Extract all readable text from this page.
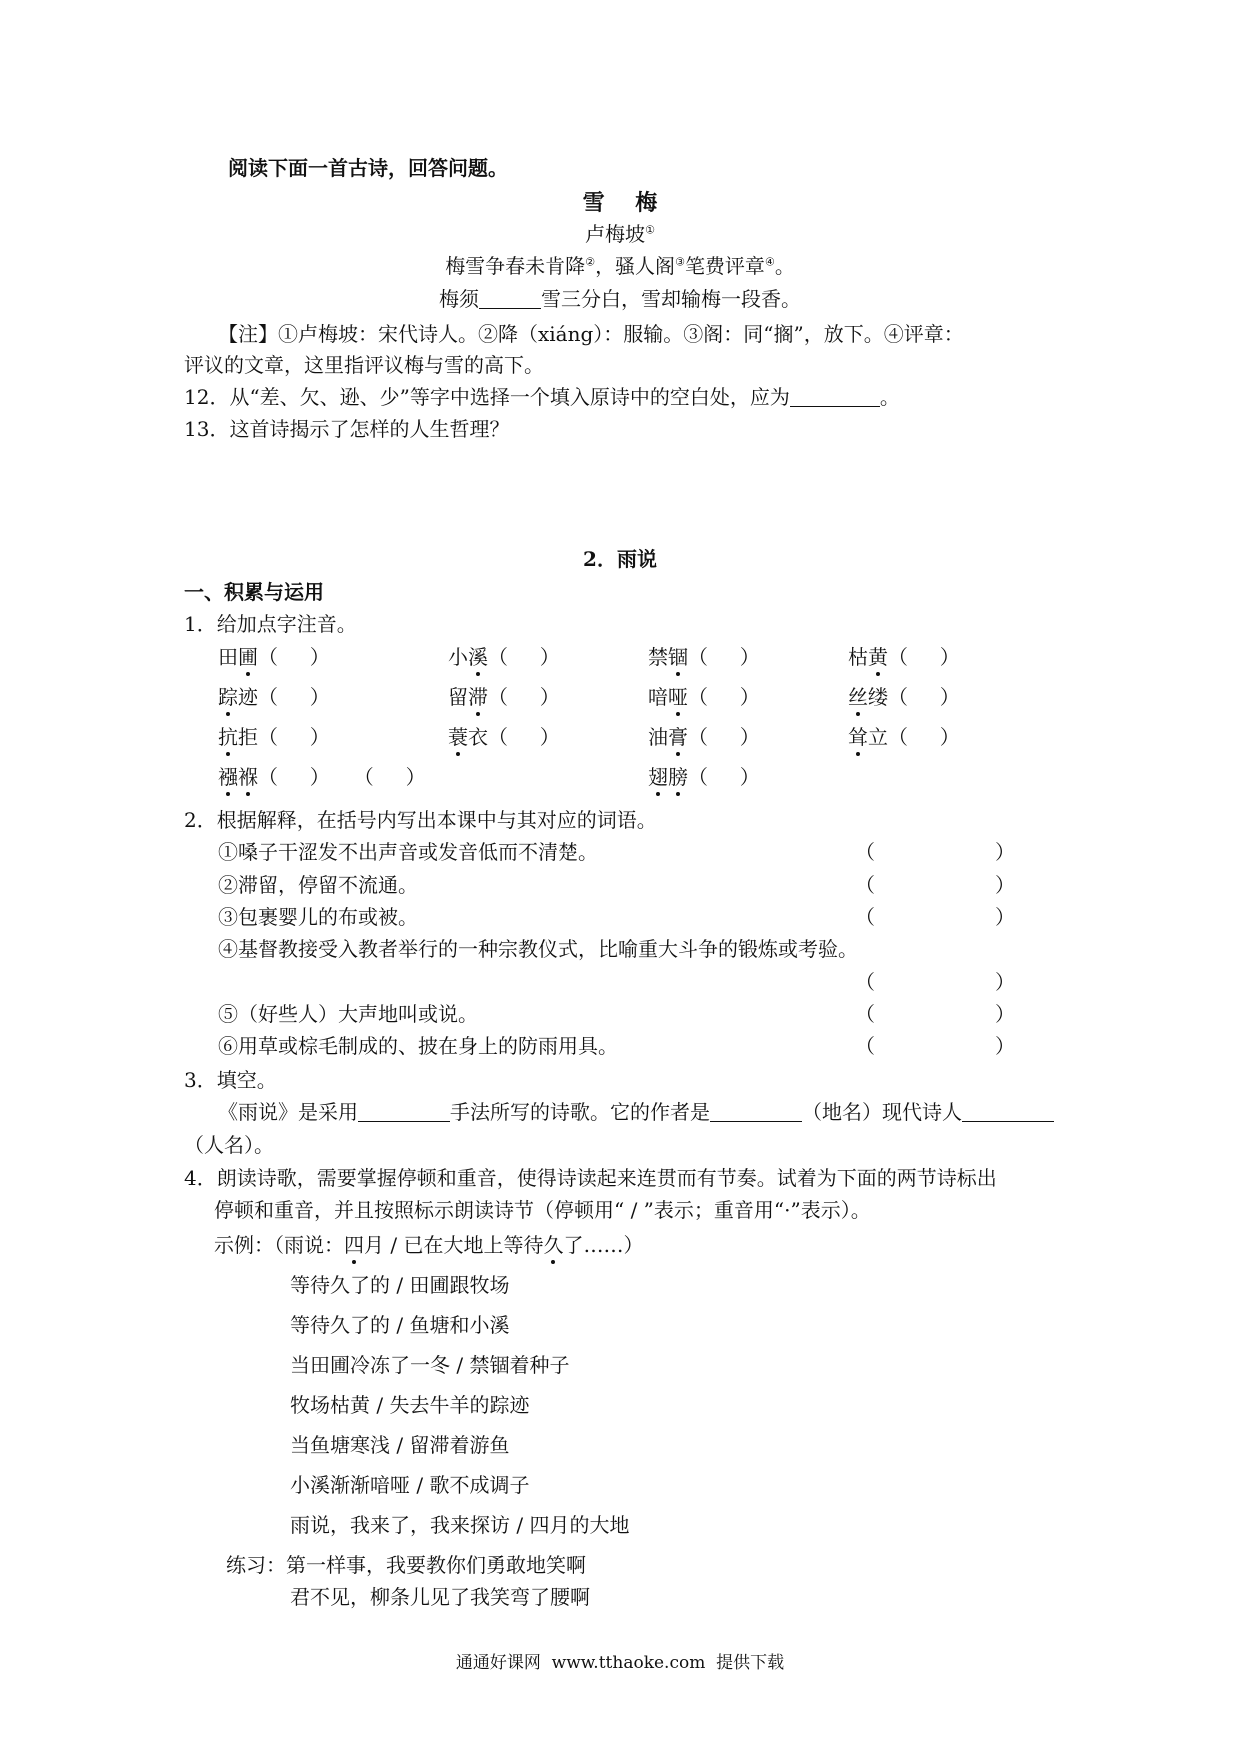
阅读下面一首古诗，回答问题。
雪    梅
卢梅坡①
梅雪争春未肯降②，骚人阁③笔费评章④。
梅须	雪三分白，雪却输梅一段香。
【注】①卢梅坡：宋代诗人。②降（xiáng）：服输。③阁：同“搁”，放下。④评章：
评议的文章，这里指评议梅与雪的高下。
12．从“差、欠、逊、少”等字中选择一个填入原诗中的空白处，应为	。
13．这首诗揭示了怎样的人生哲理？
2．雨说
一、积累与运用
1．给加点字注音。
田圃（     ）	小溪（     ）	禁锢（     ）	枯黄（     ）
踪迹（     ）	留滞（     ）	喑哑（     ）	丝缕（     ）
抗拒（     ）	蓑衣（     ）	油膏（     ）	耸立（     ）
襁褓（     ） （     ）	翅膀（     ）
2．根据解释，在括号内写出本课中与其对应的词语。
①嗓子干涩发不出声音或发音低而不清楚。	（	）
②滞留，停留不流通。	（	）
③包裹婴儿的布或被。	（	）
④基督教接受入教者举行的一种宗教仪式，比喻重大斗争的锻炼或考验。
（	）
⑤（好些人）大声地叫或说。	（	）
⑥用草或棕毛制成的、披在身上的防雨用具。	（	）
3．填空。
《雨说》是采用	手法所写的诗歌。它的作者是	（地名）现代诗人
（人名）。
4．朗读诗歌，需要掌握停顿和重音，使得诗读起来连贯而有节奏。试着为下面的两节诗标出
停顿和重音，并且按照标示朗读诗节（停顿用“ / ”表示；重音用“·”表示）。
示例：（雨说：四月 / 已在大地上等待久了……）
等待久了的 / 田圃跟牧场
等待久了的 / 鱼塘和小溪
当田圃冷冻了一冬 / 禁锢着种子
牧场枯黄 / 失去牛羊的踪迹
当鱼塘寒浅 / 留滞着游鱼
小溪渐渐喑哑 / 歌不成调子
雨说，我来了，我来探访 / 四月的大地
练习：第一样事，我要教你们勇敢地笑啊
君不见，柳条儿见了我笑弯了腰啊
通通好课网  www.tthaoke.com  提供下载
